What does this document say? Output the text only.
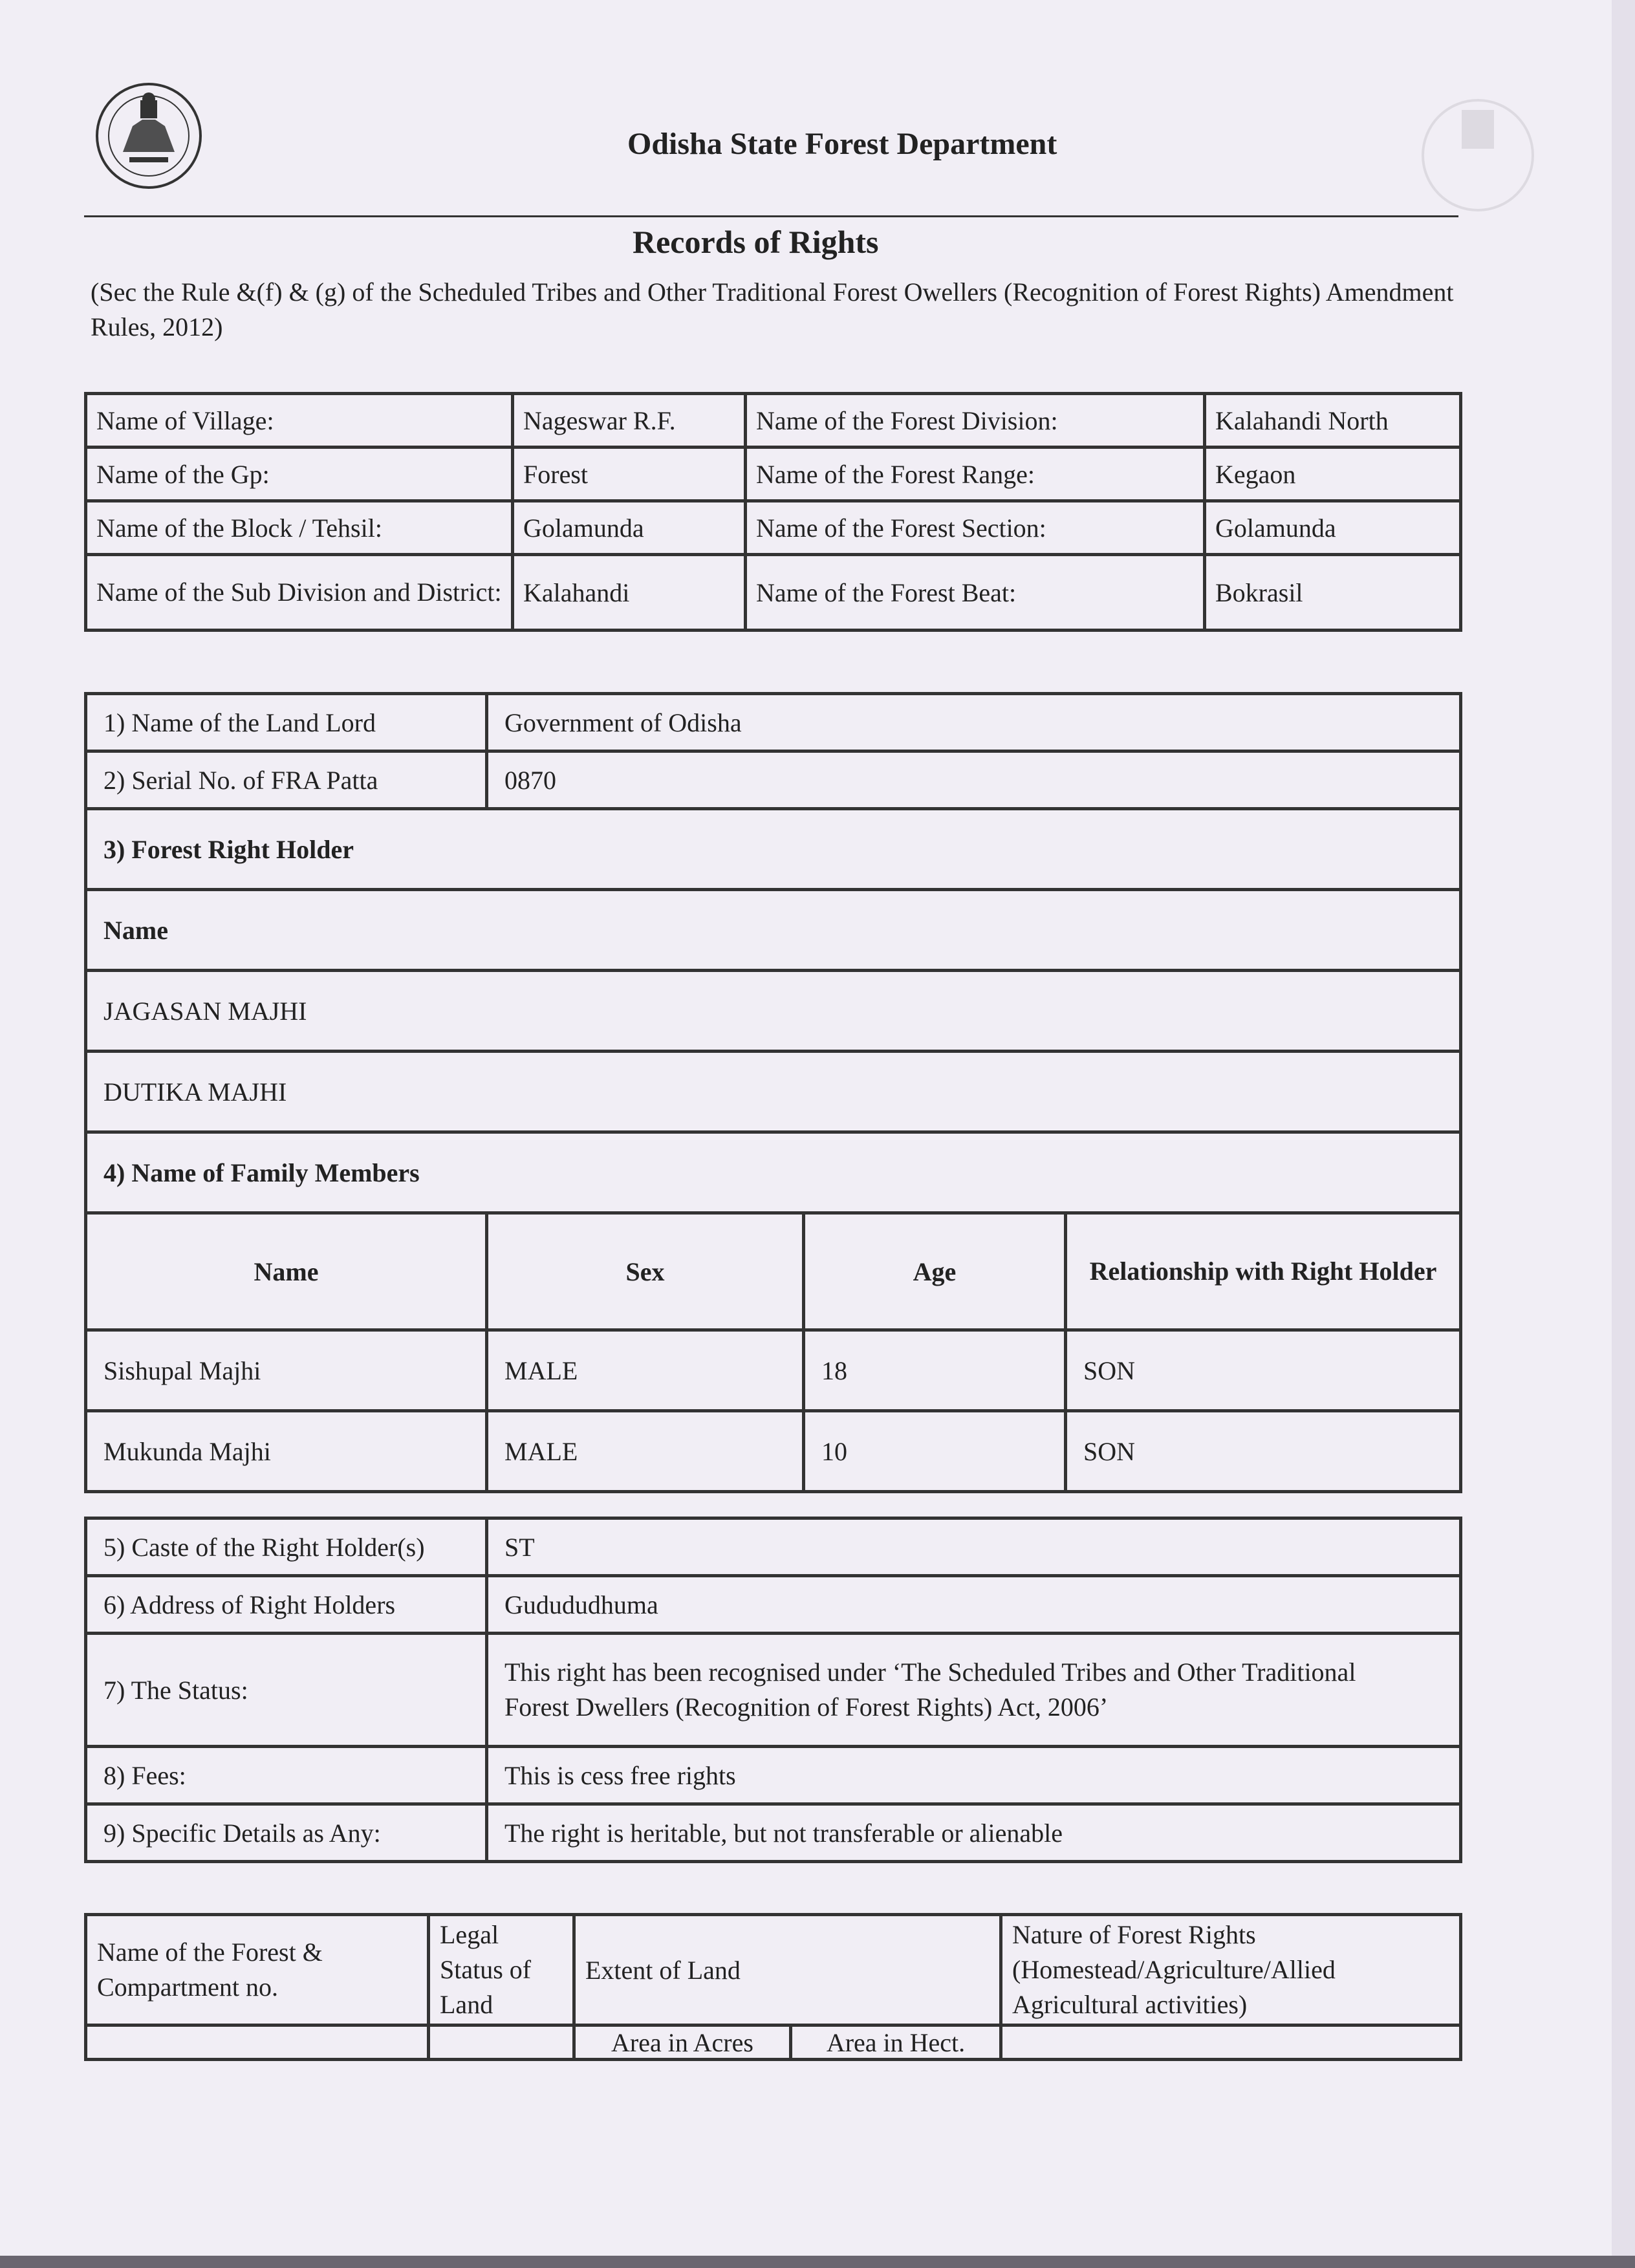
Odisha State Forest Department
Records of Rights
(Sec the Rule &(f) & (g) of the Scheduled Tribes and Other Traditional Forest Owellers (Recognition of Forest Rights) Amendment Rules, 2012)
Name of Village:	Nageswar R.F.	Name of the Forest Division:	Kalahandi North
Name of the Gp:	Forest	Name of the Forest Range:	Kegaon
Name of the Block / Tehsil:	Golamunda	Name of the Forest Section:	Golamunda
Name of the Sub Division and District:	Kalahandi	Name of the Forest Beat:	Bokrasil
1) Name of the Land Lord	Government of Odisha		
2) Serial No. of FRA Patta	0870		
3) Forest Right Holder			
Name			
JAGASAN MAJHI			
DUTIKA MAJHI			
4) Name of Family Members			
Name	Sex	Age	Relationship with Right Holder
Sishupal Majhi	MALE	18	SON
Mukunda Majhi	MALE	10	SON
5) Caste of the Right Holder(s)	ST
6) Address of Right Holders	Gudududhuma
7) The Status:	This right has been recognised under ‘The Scheduled Tribes and Other Traditional
Forest Dwellers (Recognition of Forest Rights) Act, 2006’

8) Fees:	This is cess free rights
9) Specific Details as Any:	The right is heritable, but not transferable or alienable
Name of the Forest & Compartment no.	Legal Status of Land	Extent of Land		Nature of Forest Rights (Homestead/Agriculture/Allied Agricultural activities)
		Area in Acres	Area in Hect.	
